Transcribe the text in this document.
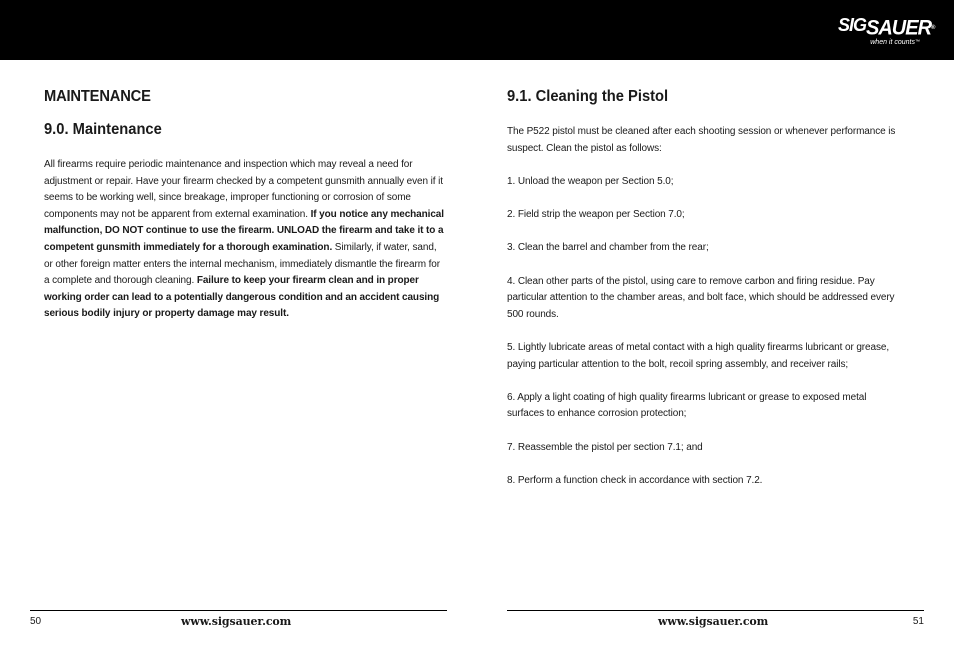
SIGSAUER®
when it counts™
MAINTENANCE
9.0. Maintenance

All firearms require periodic maintenance and inspection which may reveal a need for adjustment or repair. Have your firearm checked by a competent gunsmith annually even if it seems to be working well, since breakage, improper functioning or corrosion of some components may not be apparent from external examination. If you notice any mechanical malfunction, DO NOT continue to use the firearm. UNLOAD the firearm and take it to a competent gunsmith immediately for a thorough examination. Similarly, if water, sand, or other foreign matter enters the internal mechanism, immediately dismantle the firearm for a complete and thorough cleaning. Failure to keep your firearm clean and in proper working order can lead to a potentially dangerous condition and an accident causing serious bodily injury or property damage may result.

9.1. Cleaning the Pistol

The P522 pistol must be cleaned after each shooting session or whenever performance is suspect. Clean the pistol as follows:

1. Unload the weapon per Section 5.0;
2. Field strip the weapon per Section 7.0;
3. Clean the barrel and chamber from the rear;
4. Clean other parts of the pistol, using care to remove carbon and firing residue. Pay particular attention to the chamber areas, and bolt face, which should be addressed every 500 rounds.
5. Lightly lubricate areas of metal contact with a high quality firearms lubricant or grease, paying particular attention to the bolt, recoil spring assembly, and receiver rails;
6. Apply a light coating of high quality firearms lubricant or grease to exposed metal surfaces to enhance corrosion protection;
7. Reassemble the pistol per section 7.1; and
8. Perform a function check in accordance with section 7.2.
50	www.sigsauer.com	www.sigsauer.com	51
